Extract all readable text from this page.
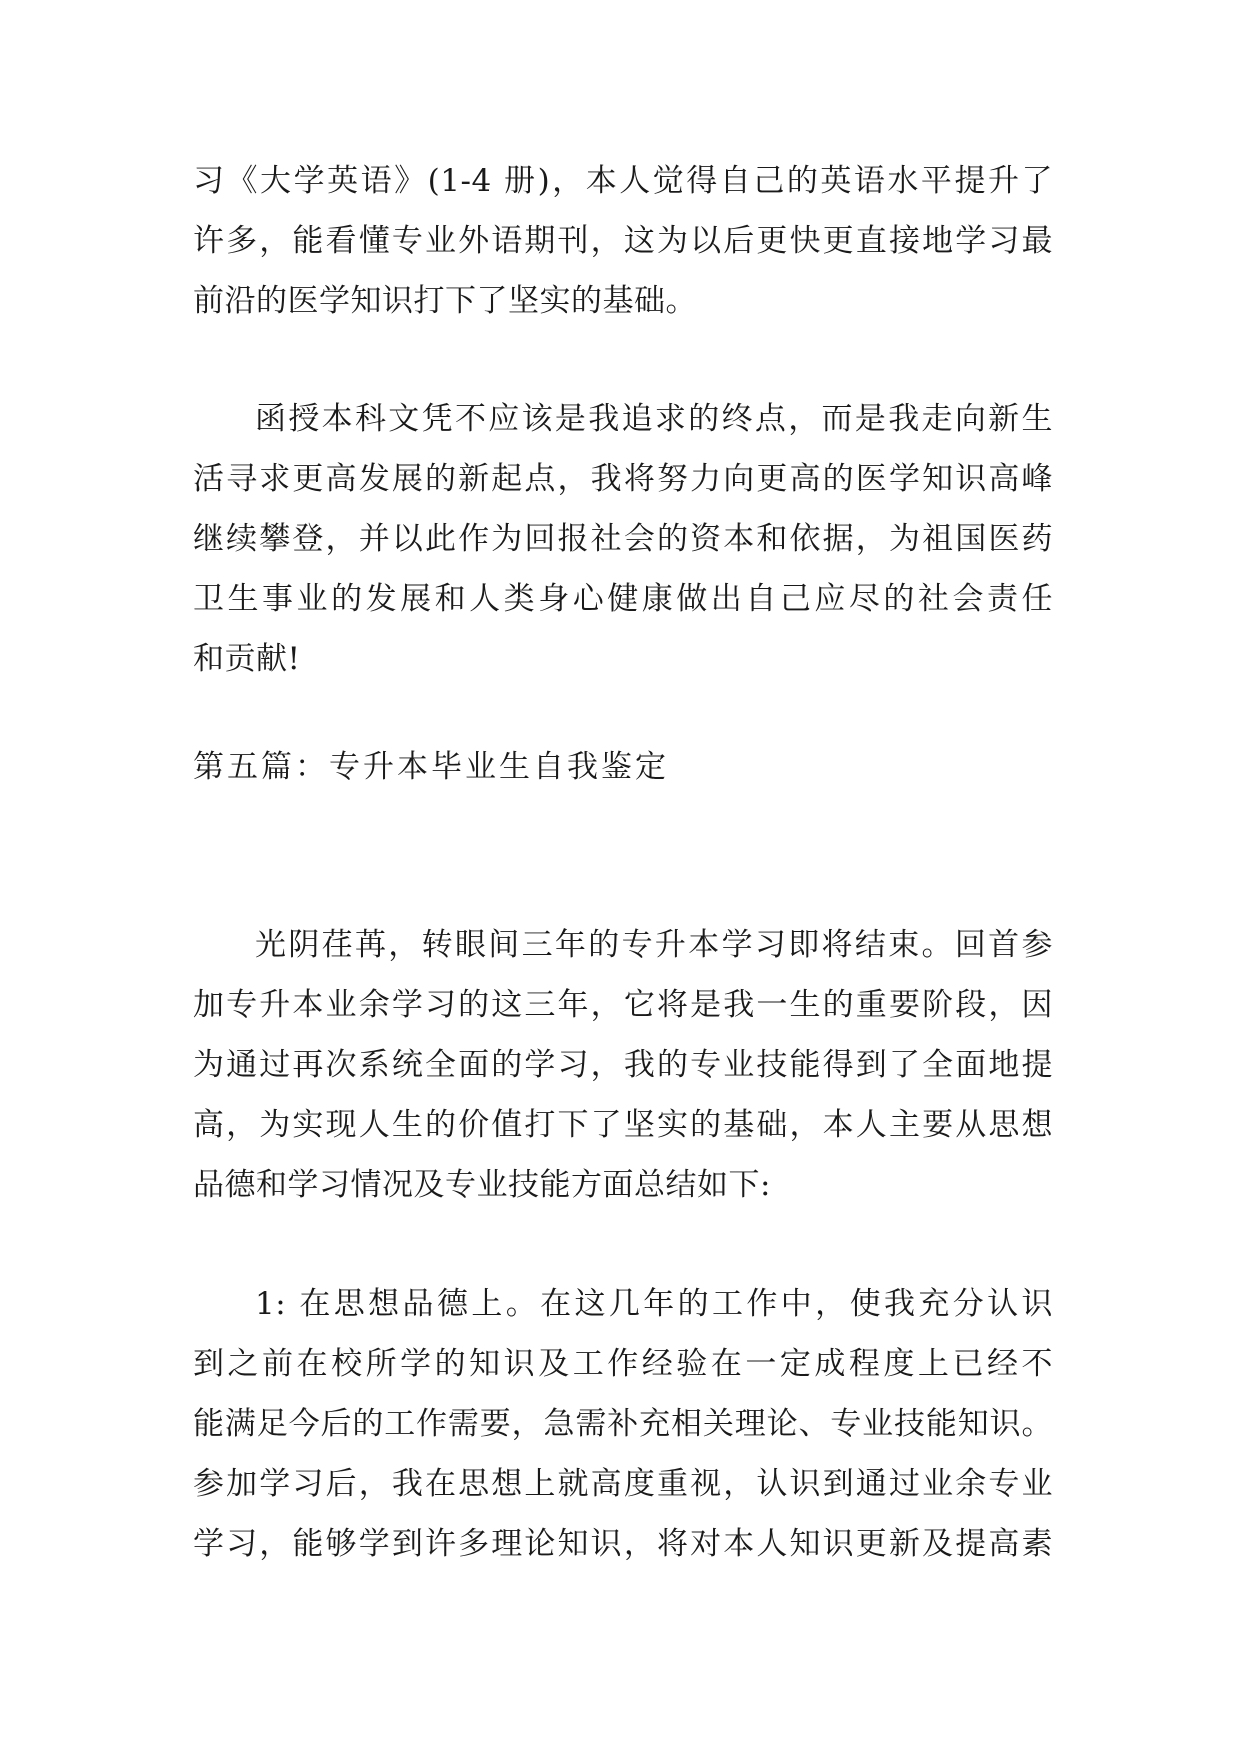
习《大学英语》(1-4 册)，本人觉得自己的英语水平提升了
许多，能看懂专业外语期刊，这为以后更快更直接地学习最
前沿的医学知识打下了坚实的基础。
函授本科文凭不应该是我追求的终点，而是我走向新生
活寻求更高发展的新起点，我将努力向更高的医学知识高峰
继续攀登，并以此作为回报社会的资本和依据，为祖国医药
卫生事业的发展和人类身心健康做出自己应尽的社会责任
和贡献!
第五篇：专升本毕业生自我鉴定
光阴荏苒，转眼间三年的专升本学习即将结束。回首参
加专升本业余学习的这三年，它将是我一生的重要阶段，因
为通过再次系统全面的学习，我的专业技能得到了全面地提
高，为实现人生的价值打下了坚实的基础，本人主要从思想
品德和学习情况及专业技能方面总结如下:
1: 在思想品德上。在这几年的工作中，使我充分认识
到之前在校所学的知识及工作经验在一定成程度上已经不
能满足今后的工作需要，急需补充相关理论、专业技能知识。
参加学习后，我在思想上就高度重视，认识到通过业余专业
学习，能够学到许多理论知识，将对本人知识更新及提高素
